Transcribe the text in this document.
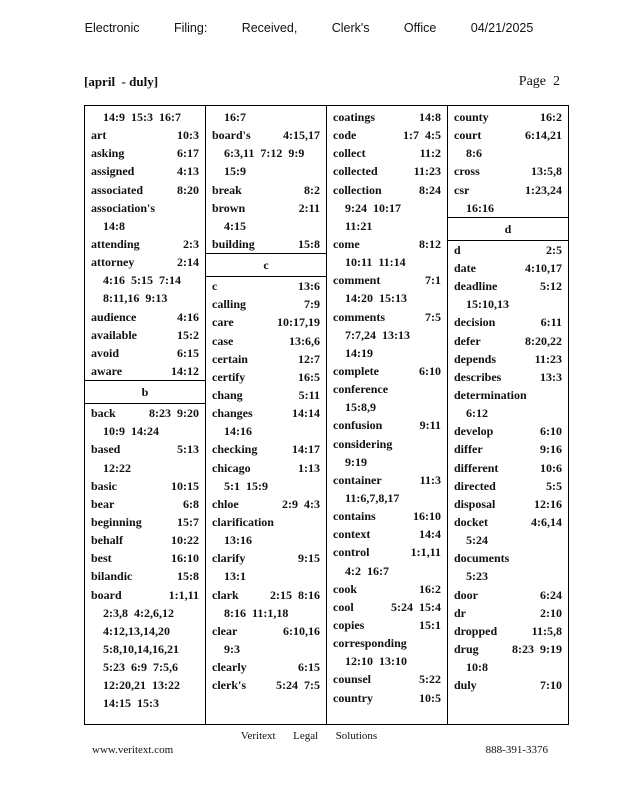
Electronic   Filing:   Received,   Clerk's   Office   04/21/2025
[april  - duly]	Page  2
14:9  15:3  16:7
art	10:3
asking	6:17
assigned	4:13
associated	8:20
association's
14:8
attending	2:3
attorney	2:14
4:16  5:15  7:14
8:11,16  9:13
audience	4:16
available	15:2
avoid	6:15
aware	14:12
b
back	8:23  9:20
10:9  14:24
based	5:13
12:22
basic	10:15
bear	6:8
beginning	15:7
behalf	10:22
best	16:10
bilandic	15:8
board	1:1,11
2:3,8  4:2,6,12
4:12,13,14,20
5:8,10,14,16,21
5:23  6:9  7:5,6
12:20,21  13:22
14:15  15:3
16:7
board's	4:15,17
6:3,11  7:12  9:9
15:9
break	8:2
brown	2:11
4:15
building	15:8
c
c	13:6
calling	7:9
care	10:17,19
case	13:6,6
certain	12:7
certify	16:5
chang	5:11
changes	14:14
14:16
checking	14:17
chicago	1:13
5:1  15:9
chloe	2:9  4:3
clarification
13:16
clarify	9:15
13:1
clark	2:15  8:16
8:16  11:1,18
clear	6:10,16
9:3
clearly	6:15
clerk's	5:24  7:5
coatings	14:8
code	1:7  4:5
collect	11:2
collected	11:23
collection	8:24
9:24  10:17
11:21
come	8:12
10:11  11:14
comment	7:1
14:20  15:13
comments	7:5
7:7,24  13:13
14:19
complete	6:10
conference
15:8,9
confusion	9:11
considering
9:19
container	11:3
11:6,7,8,17
contains	16:10
context	14:4
control	1:1,11
4:2  16:7
cook	16:2
cool	5:24  15:4
copies	15:1
corresponding
12:10  13:10
counsel	5:22
country	10:5
county	16:2
court	6:14,21
8:6
cross	13:5,8
csr	1:23,24
16:16
d
d	2:5
date	4:10,17
deadline	5:12
15:10,13
decision	6:11
defer	8:20,22
depends	11:23
describes	13:3
determination
6:12
develop	6:10
differ	9:16
different	10:6
directed	5:5
disposal	12:16
docket	4:6,14
5:24
documents
5:23
door	6:24
dr	2:10
dropped	11:5,8
drug	8:23  9:19
10:8
duly	7:10
Veritext  Legal  Solutions
www.veritext.com	888-391-3376
